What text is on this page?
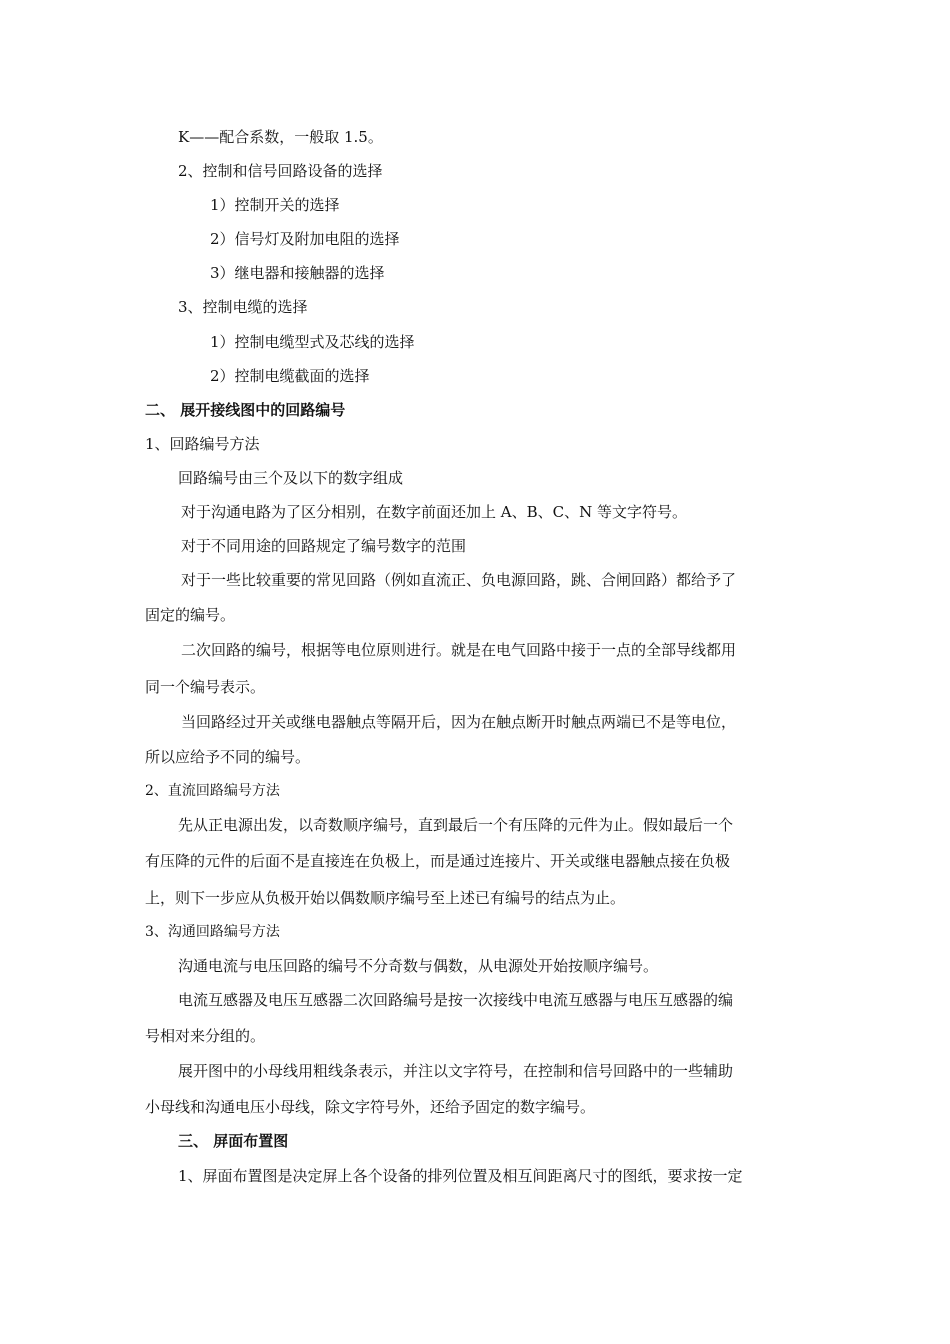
K——配合系数，一般取 1.5。
2、控制和信号回路设备的选择
1）控制开关的选择
2）信号灯及附加电阻的选择
3）继电器和接触器的选择
3、控制电缆的选择
1）控制电缆型式及芯线的选择
2）控制电缆截面的选择
二、 展开接线图中的回路编号
1、回路编号方法
回路编号由三个及以下的数字组成
对于沟通电路为了区分相别，在数字前面还加上 A、B、C、N 等文字符号。
对于不同用途的回路规定了编号数字的范围
对于一些比较重要的常见回路（例如直流正、负电源回路，跳、合闸回路）都给予了
固定的编号。
二次回路的编号，根据等电位原则进行。就是在电气回路中接于一点的全部导线都用
同一个编号表示。
当回路经过开关或继电器触点等隔开后，因为在触点断开时触点两端已不是等电位，
所以应给予不同的编号。
2、直流回路编号方法
先从正电源出发，以奇数顺序编号，直到最后一个有压降的元件为止。假如最后一个
有压降的元件的后面不是直接连在负极上，而是通过连接片、开关或继电器触点接在负极
上，则下一步应从负极开始以偶数顺序编号至上述已有编号的结点为止。
3、沟通回路编号方法
沟通电流与电压回路的编号不分奇数与偶数，从电源处开始按顺序编号。
电流互感器及电压互感器二次回路编号是按一次接线中电流互感器与电压互感器的编
号相对来分组的。
展开图中的小母线用粗线条表示，并注以文字符号，在控制和信号回路中的一些辅助
小母线和沟通电压小母线，除文字符号外，还给予固定的数字编号。
三、 屏面布置图
1、屏面布置图是决定屏上各个设备的排列位置及相互间距离尺寸的图纸，要求按一定
